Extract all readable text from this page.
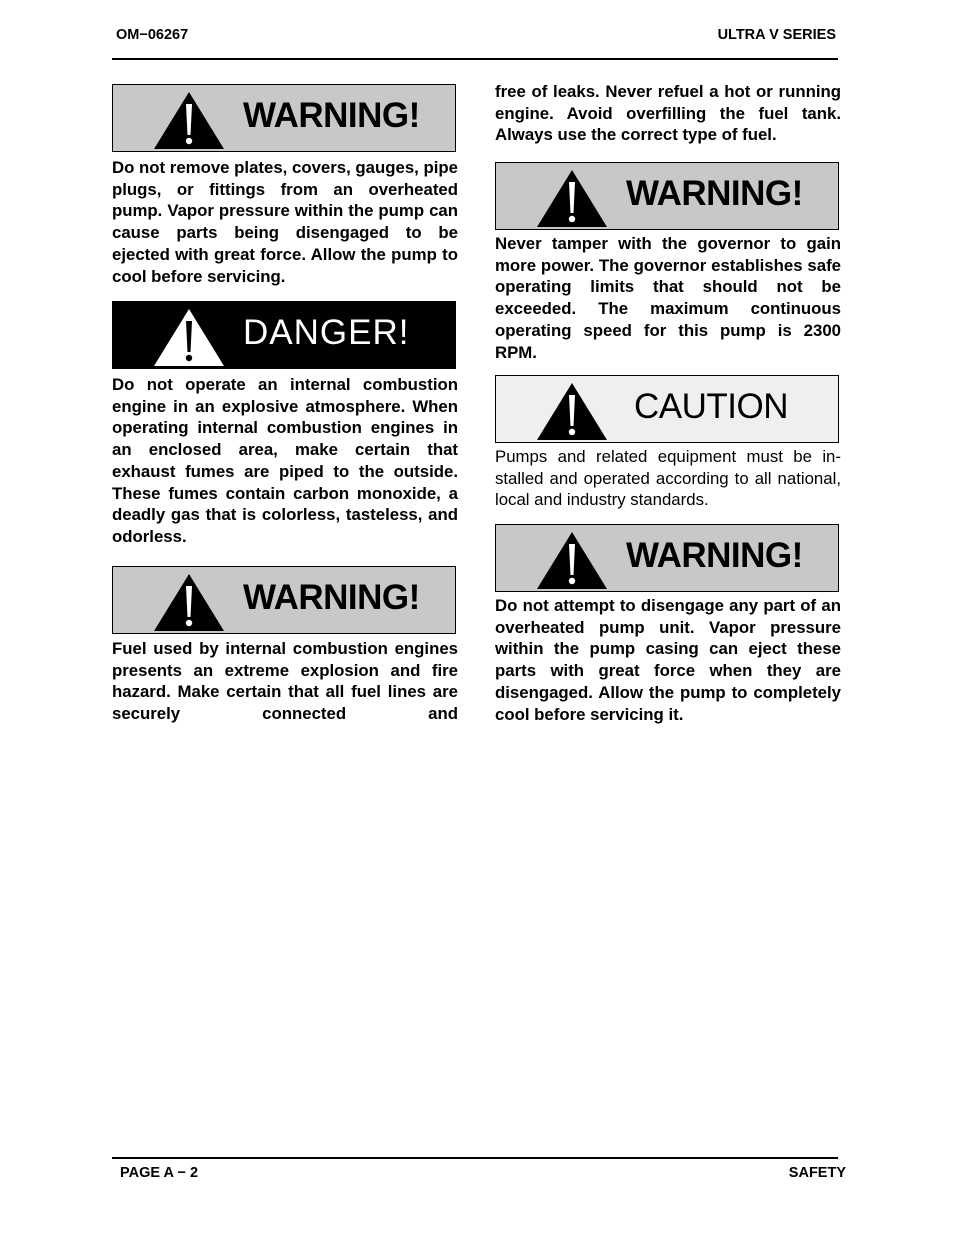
OM−06267	ULTRA V SERIES
WARNING!

Do not remove plates, covers, gauges, pipe plugs, or fittings from an overheated pump. Vapor pressure within the pump can cause parts being disengaged to be ejected with great force. Allow the pump to cool before servicing.

DANGER!

Do not operate an internal combustion engine in an explosive atmosphere. When operating internal combustion engines in an enclosed area, make certain that exhaust fumes are piped to the outside. These fumes contain carbon monoxide, a deadly gas that is colorless, tasteless, and odorless.

WARNING!

Fuel used by internal combustion engines presents an extreme explosion and fire hazard. Make certain that all fuel lines are securely connected and

free of leaks. Never refuel a hot or running engine. Avoid overfilling the fuel tank. Always use the correct type of fuel.

WARNING!

Never tamper with the governor to gain more power. The governor establishes safe operating limits that should not be exceeded. The maximum continuous operating speed for this pump is 2300 RPM.

CAUTION

Pumps and related equipment must be installed and operated according to all national, local and industry standards.

WARNING!

Do not attempt to disengage any part of an overheated pump unit. Vapor pressure within the pump casing can eject these parts with great force when they are disengaged. Allow the pump to completely cool before servicing it.

PAGE A − 2	SAFETY
